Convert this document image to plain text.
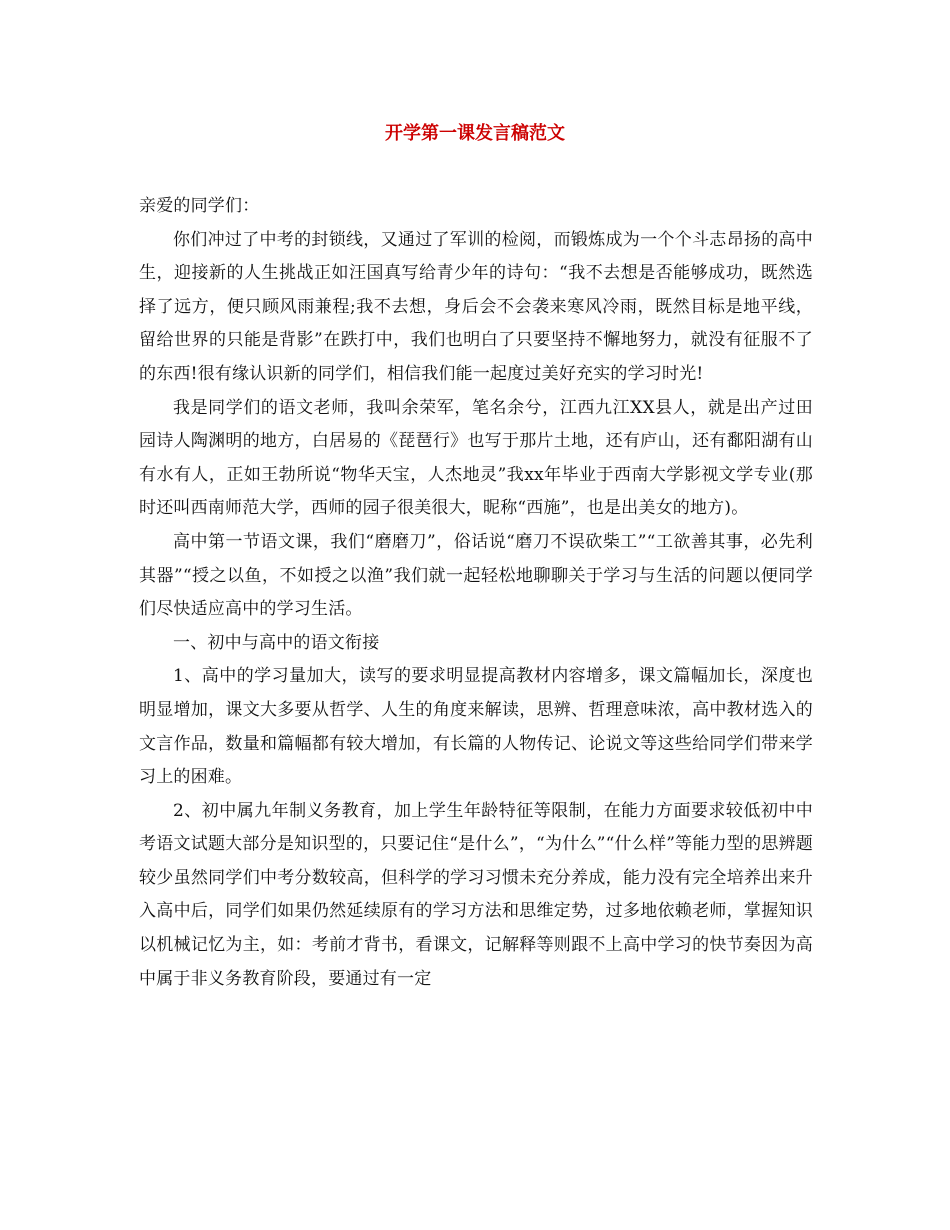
开学第一课发言稿范文

亲爱的同学们：

你们冲过了中考的封锁线，又通过了军训的检阅，而锻炼成为一个个斗志昂扬的高中生，迎接新的人生挑战正如汪国真写给青少年的诗句：“我不去想是否能够成功，既然选择了远方，便只顾风雨兼程;我不去想，身后会不会袭来寒风冷雨，既然目标是地平线，留给世界的只能是背影”在跌打中，我们也明白了只要坚持不懈地努力，就没有征服不了的东西!很有缘认识新的同学们，相信我们能一起度过美好充实的学习时光!

我是同学们的语文老师，我叫余荣军，笔名余兮，江西九江XX县人，就是出产过田园诗人陶渊明的地方，白居易的《琵琶行》也写于那片土地，还有庐山，还有鄱阳湖有山有水有人，正如王勃所说“物华天宝，人杰地灵”我xx年毕业于西南大学影视文学专业(那时还叫西南师范大学，西师的园子很美很大，昵称“西施”，也是出美女的地方)。

高中第一节语文课，我们“磨磨刀”，俗话说“磨刀不误砍柴工”“工欲善其事，必先利其器”“授之以鱼，不如授之以渔”我们就一起轻松地聊聊关于学习与生活的问题以便同学们尽快适应高中的学习生活。

一、初中与高中的语文衔接

1、高中的学习量加大，读写的要求明显提高教材内容增多，课文篇幅加长，深度也明显增加，课文大多要从哲学、人生的角度来解读，思辨、哲理意味浓，高中教材选入的文言作品，数量和篇幅都有较大增加，有长篇的人物传记、论说文等这些给同学们带来学习上的困难。

2、初中属九年制义务教育，加上学生年龄特征等限制，在能力方面要求较低初中中考语文试题大部分是知识型的，只要记住“是什么”，“为什么”“什么样”等能力型的思辨题较少虽然同学们中考分数较高，但科学的学习习惯未充分养成，能力没有完全培养出来升入高中后，同学们如果仍然延续原有的学习方法和思维定势，过多地依赖老师，掌握知识以机械记忆为主，如：考前才背书，看课文，记解释等则跟不上高中学习的快节奏因为高中属于非义务教育阶段，要通过有一定
